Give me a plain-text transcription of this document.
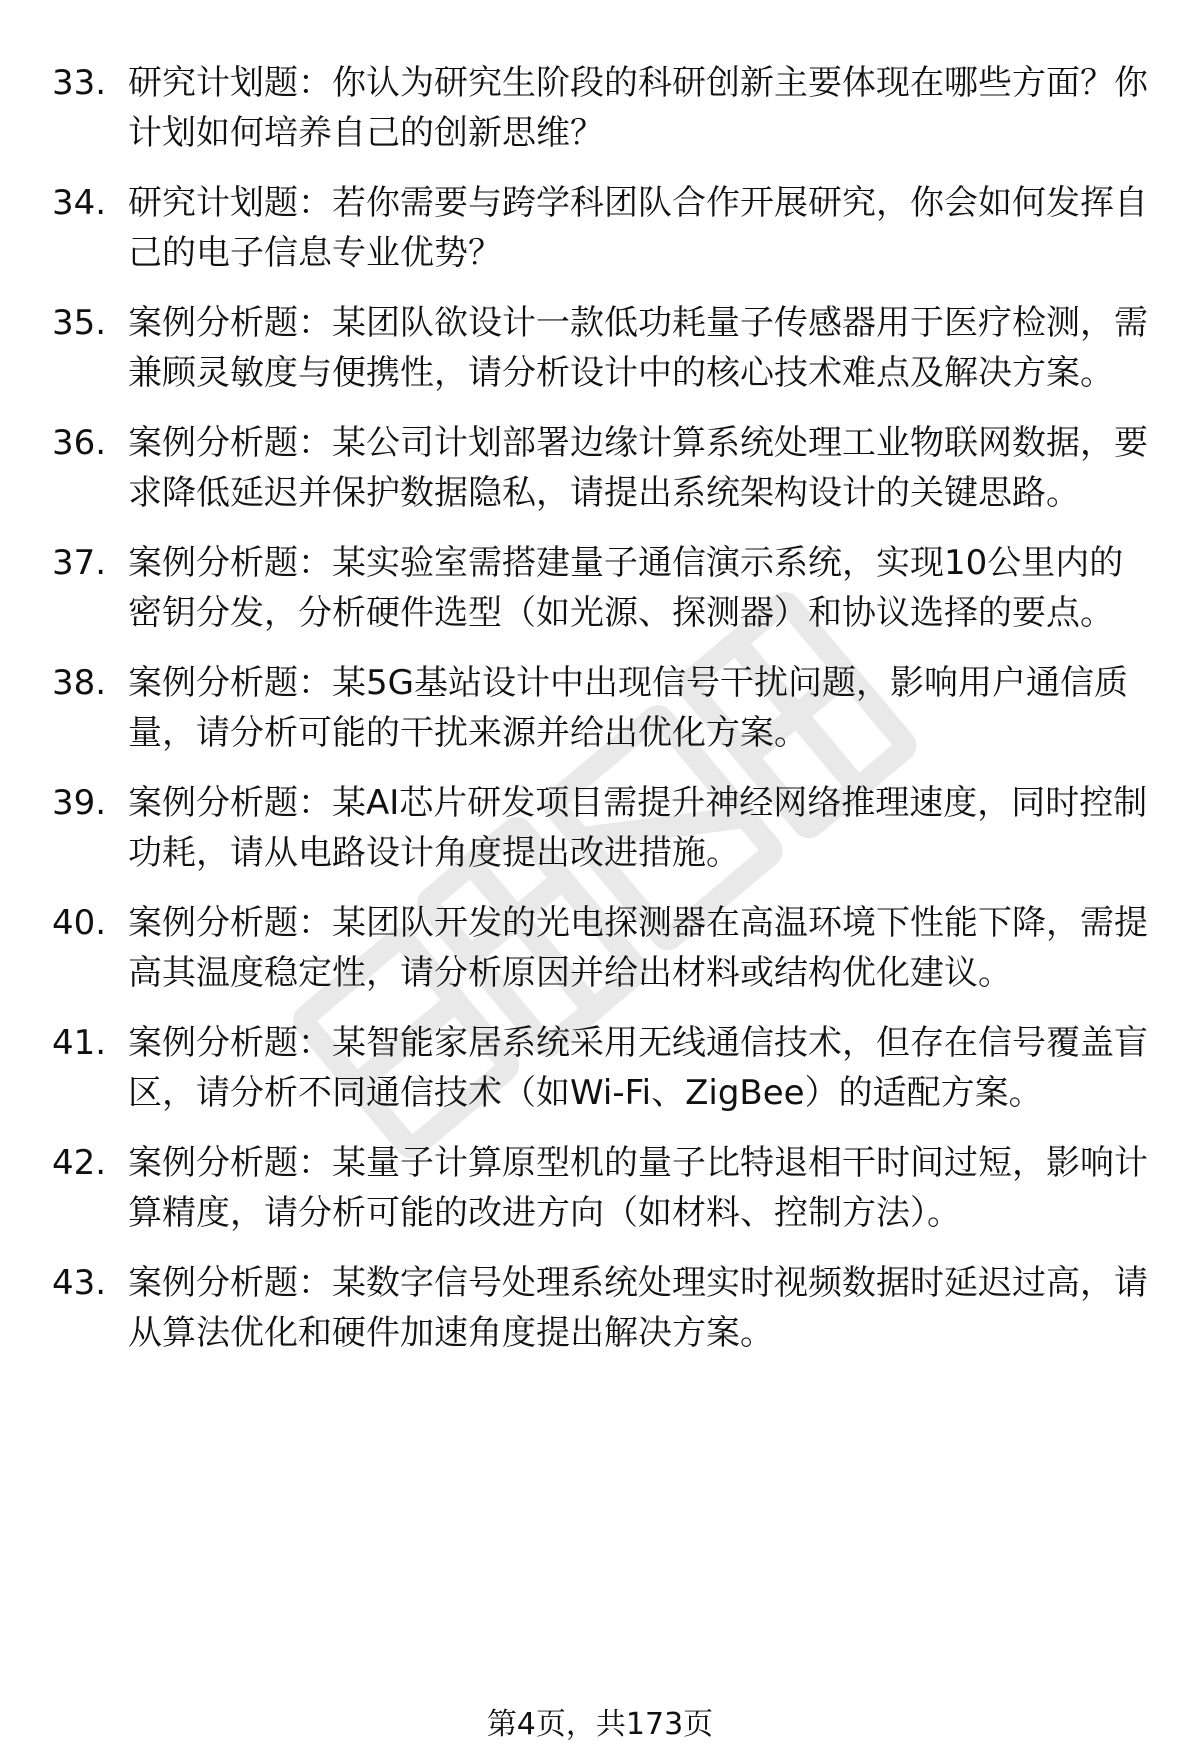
33. 研究计划题：你认为研究生阶段的科研创新主要体现在哪些方面？你计划如何培养自己的创新思维？
34. 研究计划题：若你需要与跨学科团队合作开展研究，你会如何发挥自己的电子信息专业优势？
35. 案例分析题：某团队欲设计一款低功耗量子传感器用于医疗检测，需兼顾灵敏度与便携性，请分析设计中的核心技术难点及解决方案。
36. 案例分析题：某公司计划部署边缘计算系统处理工业物联网数据，要求降低延迟并保护数据隐私，请提出系统架构设计的关键思路。
37. 案例分析题：某实验室需搭建量子通信演示系统，实现10公里内的密钥分发，分析硬件选型（如光源、探测器）和协议选择的要点。
38. 案例分析题：某5G基站设计中出现信号干扰问题，影响用户通信质量，请分析可能的干扰来源并给出优化方案。
39. 案例分析题：某AI芯片研发项目需提升神经网络推理速度，同时控制功耗，请从电路设计角度提出改进措施。
40. 案例分析题：某团队开发的光电探测器在高温环境下性能下降，需提高其温度稳定性，请分析原因并给出材料或结构优化建议。
41. 案例分析题：某智能家居系统采用无线通信技术，但存在信号覆盖盲区，请分析不同通信技术（如Wi-Fi、ZigBee）的适配方案。
42. 案例分析题：某量子计算原型机的量子比特退相干时间过短，影响计算精度，请分析可能的改进方向（如材料、控制方法）。
43. 案例分析题：某数字信号处理系统处理实时视频数据时延迟过高，请从算法优化和硬件加速角度提出解决方案。
第4页，共173页
